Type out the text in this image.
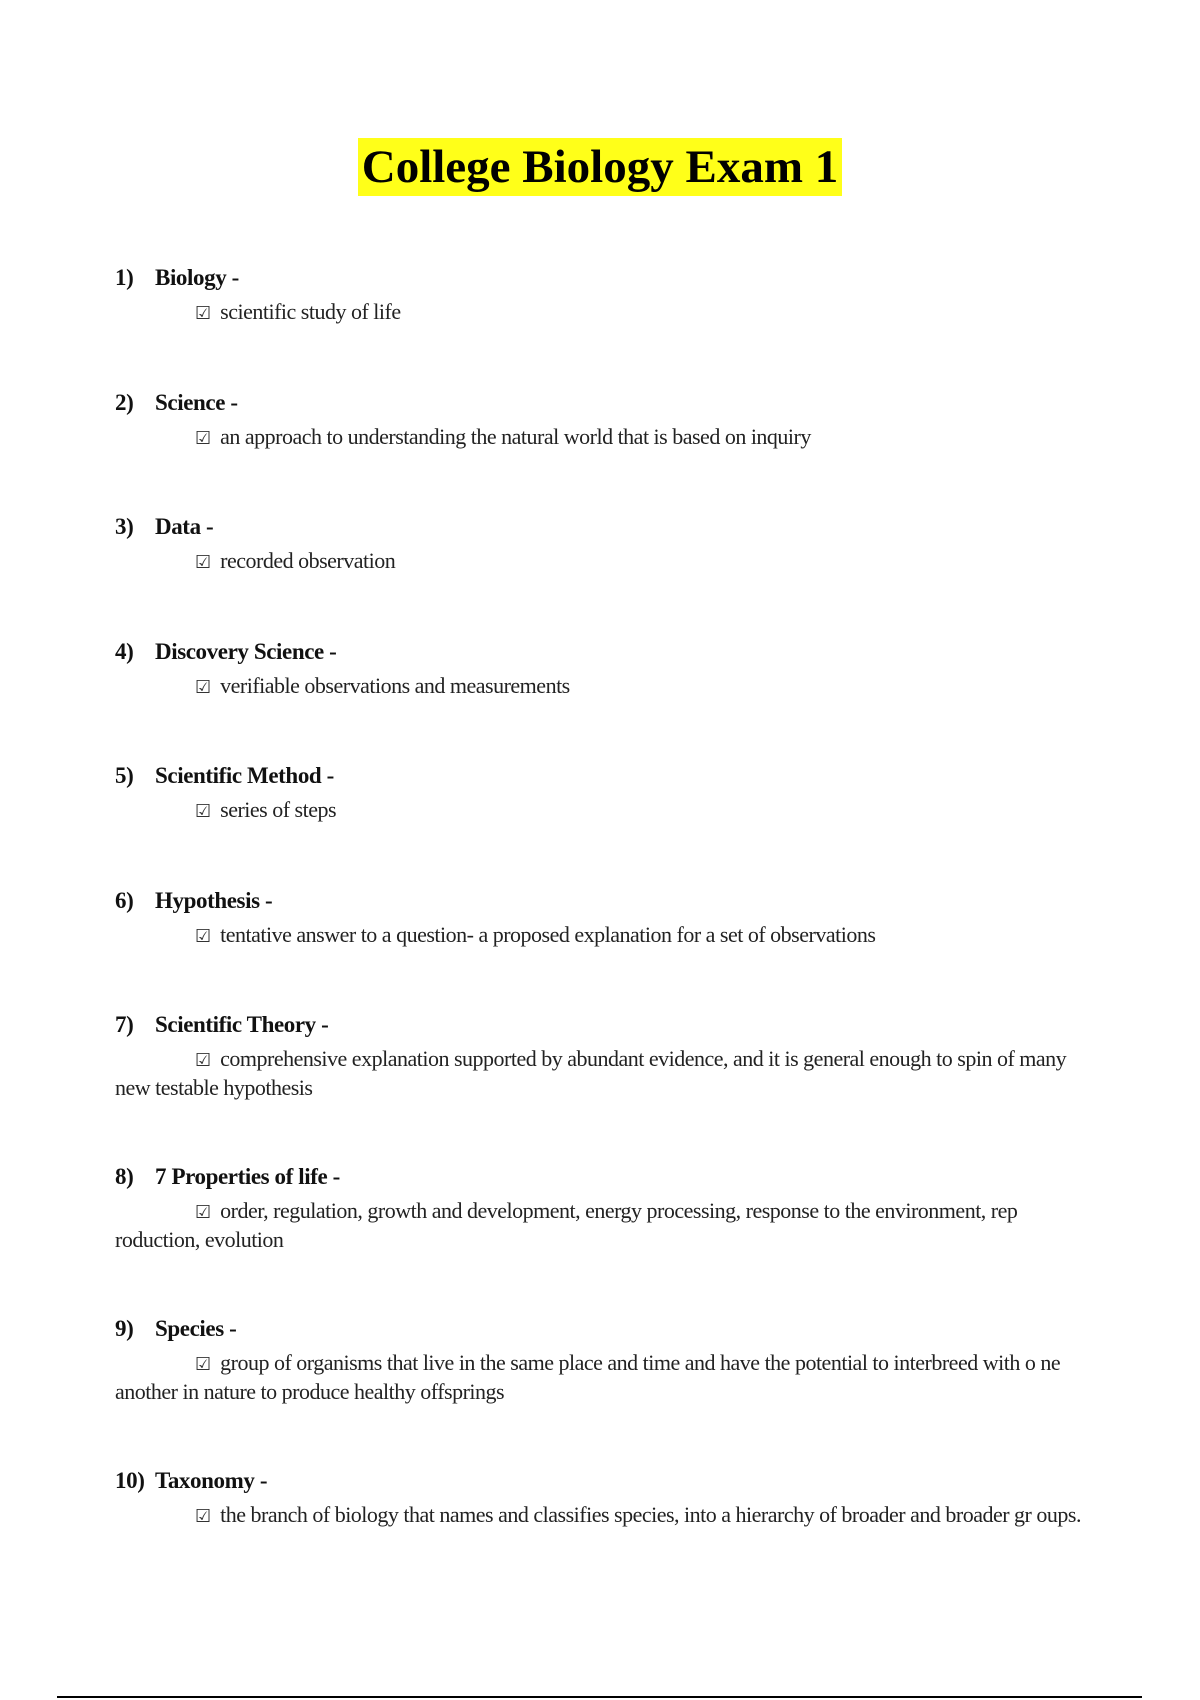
College Biology Exam 1
1) Biology -
☑ scientific study of life
2) Science -
☑ an approach to understanding the natural world that is based on inquiry
3) Data -
☑ recorded observation
4) Discovery Science -
☑ verifiable observations and measurements
5) Scientific Method -
☑ series of steps
6) Hypothesis -
☑ tentative answer to a question- a proposed explanation for a set of observations
7) Scientific Theory -
☑ comprehensive explanation supported by abundant evidence, and it is general enough to spin of many new testable hypothesis
8) 7 Properties of life -
☑ order, regulation, growth and development, energy processing, response to the environment, rep roduction, evolution
9) Species -
☑ group of organisms that live in the same place and time and have the potential to interbreed with o ne another in nature to produce healthy offsprings
10) Taxonomy -
☑ the branch of biology that names and classifies species, into a hierarchy of broader and broader gr oups.
